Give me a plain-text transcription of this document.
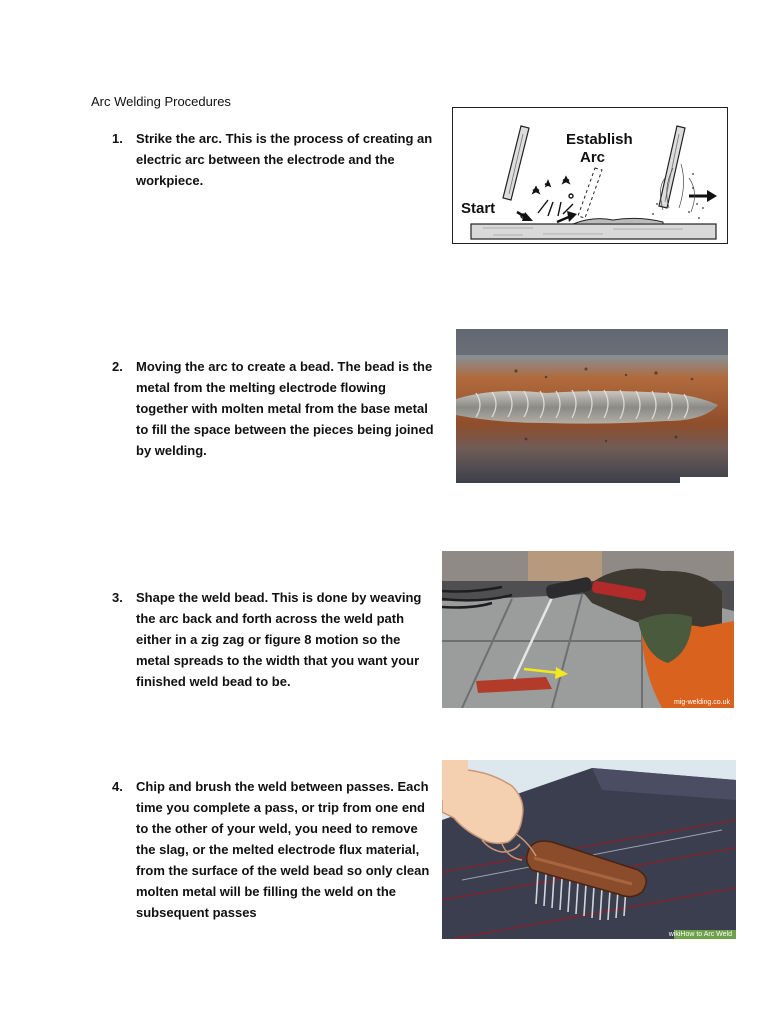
Arc Welding Procedures
1.	Strike the arc. This is the process of creating an electric arc between the electrode and the workpiece.
2.	Moving the arc to create a bead. The bead is the metal from the melting electrode flowing together with molten metal from the base metal to fill the space between the pieces being joined by welding.
3.	Shape the weld bead. This is done by weaving the arc back and forth across the weld path either in a zig zag or figure 8 motion so the metal spreads to the width that you want your finished weld bead to be.
4.	Chip and brush the weld between passes. Each time you complete a pass, or trip from one end to the other of your weld, you need to remove the slag, or the melted electrode flux material, from the surface of the weld bead so only clean molten metal will be filling the weld on the subsequent passes
Start
Establish
Arc
mig-welding.co.uk
wikiHow to Arc Weld
